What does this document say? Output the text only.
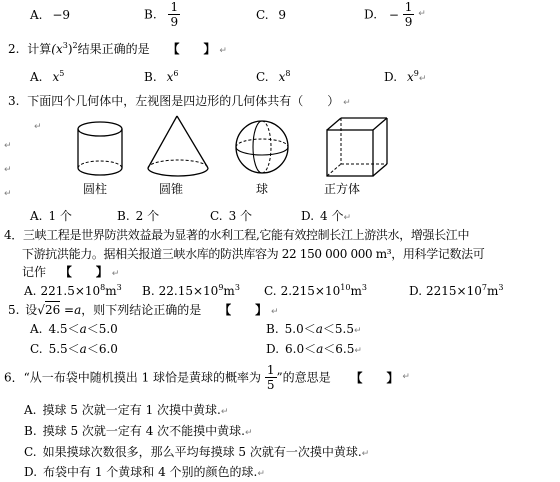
A. −9	B. $\frac{1}{9}$	C. 9	D. − $\frac{1}{9}$ ↵
2. 计算$(x^3)^2$结果正确的是 【　　】 ↵
A. $x^5$	B. $x^6$	C. $x^8$	D. $x^9↵$
3. 下面四个几何体中，左视图是四边形的几何体共有（　　） ↵
↵
↵
↵
↵	圆柱	圆锥	球	正方体
A. 1 个	B. 2 个	C. 3 个	D. 4 个↵
4．三峡工程是世界防洪效益最为显著的水利工程,它能有效控制长江上游洪水，增强长江中
下游抗洪能力。据相关报道三峡水库的防洪库容为 22 150 000 000 m³，用科学记数法可
记作 【　　】 ↵
A. $221.5\times 10^8m^3$ B. $22.15\times 10^9m^3$ C. $2.215\times 10^{10}m^3$	D. $2215\times 10^7m^3$
5. 设√26 =a，则下列结论正确的是 【　　】 ↵
A. 4.5＜a＜5.0	B. 5.0＜a＜5.5↵
C. 5.5＜a＜6.0	D. 6.0＜a＜6.5↵
6．“从一布袋中随机摸出 1 球恰是黄球的概率为 $\frac{1}{5}$ ”的意思是 【　　】 ↵
A. 摸球 5 次就一定有 1 次摸中黄球.↵
B. 摸球 5 次就一定有 4 次不能摸中黄球.↵
C. 如果摸球次数很多，那么平均每摸球 5 次就有一次摸中黄球.↵
D. 布袋中有 1 个黄球和 4 个别的颜色的球.↵
